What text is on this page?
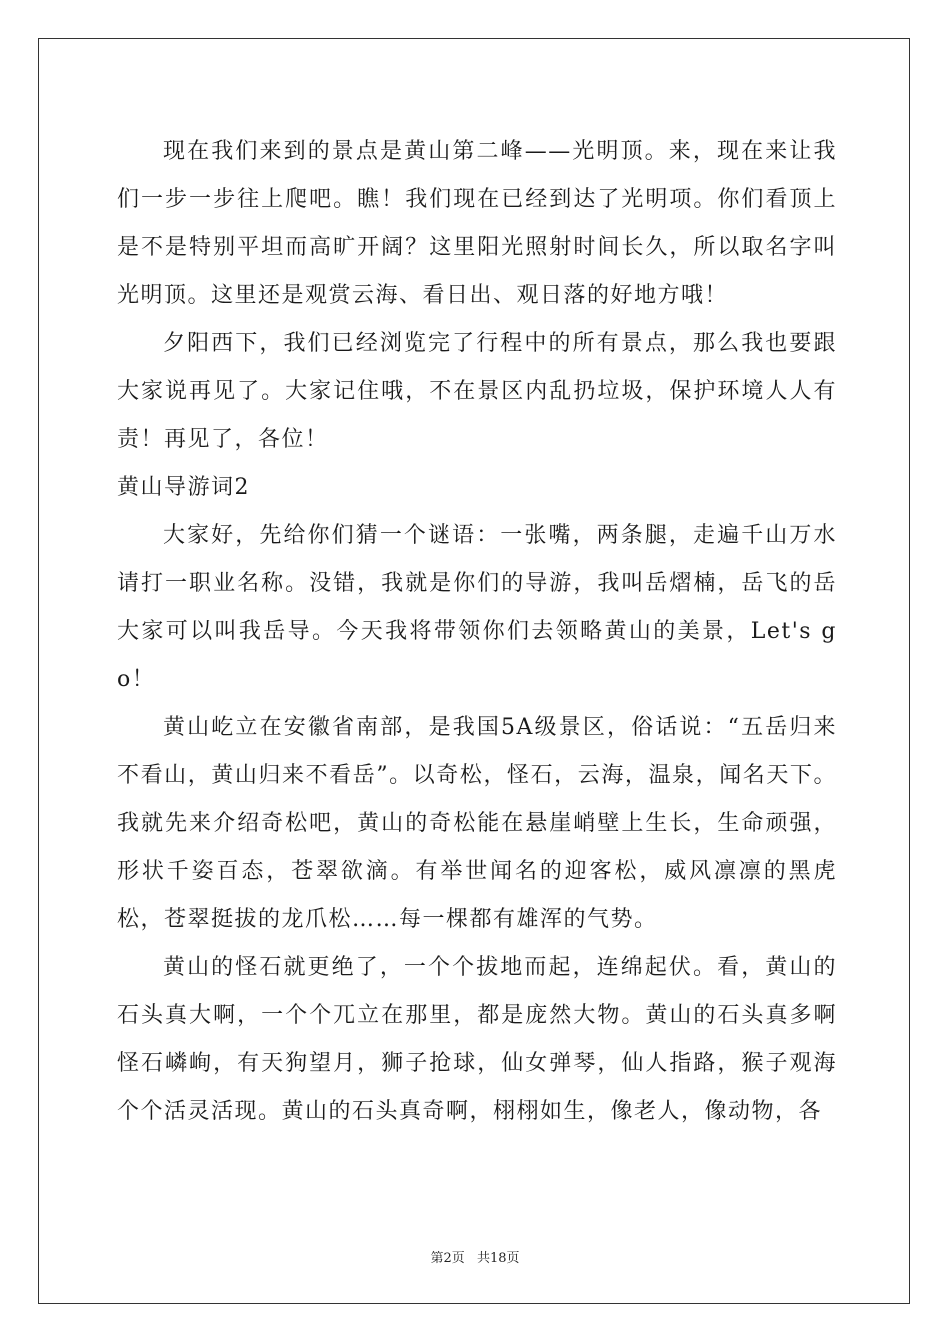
现在我们来到的景点是黄山第二峰——光明顶。来，现在来让我们一步一步往上爬吧。瞧！我们现在已经到达了光明项。你们看顶上是不是特别平坦而高旷开阔？这里阳光照射时间长久，所以取名字叫光明顶。这里还是观赏云海、看日出、观日落的好地方哦！

夕阳西下，我们已经浏览完了行程中的所有景点，那么我也要跟大家说再见了。大家记住哦，不在景区内乱扔垃圾，保护环境人人有责！再见了，各位！

黄山导游词2

大家好，先给你们猜一个谜语：一张嘴，两条腿，走遍千山万水请打一职业名称。没错，我就是你们的导游，我叫岳熠楠，岳飞的岳大家可以叫我岳导。今天我将带领你们去领略黄山的美景，Let's go！

黄山屹立在安徽省南部，是我国5A级景区，俗话说：“五岳归来不看山，黄山归来不看岳”。以奇松，怪石，云海，温泉，闻名天下。我就先来介绍奇松吧，黄山的奇松能在悬崖峭壁上生长，生命顽强，形状千姿百态，苍翠欲滴。有举世闻名的迎客松，威风凛凛的黑虎松，苍翠挺拔的龙爪松……每一棵都有雄浑的气势。

黄山的怪石就更绝了，一个个拔地而起，连绵起伏。看，黄山的石头真大啊，一个个兀立在那里，都是庞然大物。黄山的石头真多啊怪石嶙峋，有天狗望月，狮子抢球，仙女弹琴，仙人指路，猴子观海个个活灵活现。黄山的石头真奇啊，栩栩如生，像老人，像动物，各

第2页 共18页
